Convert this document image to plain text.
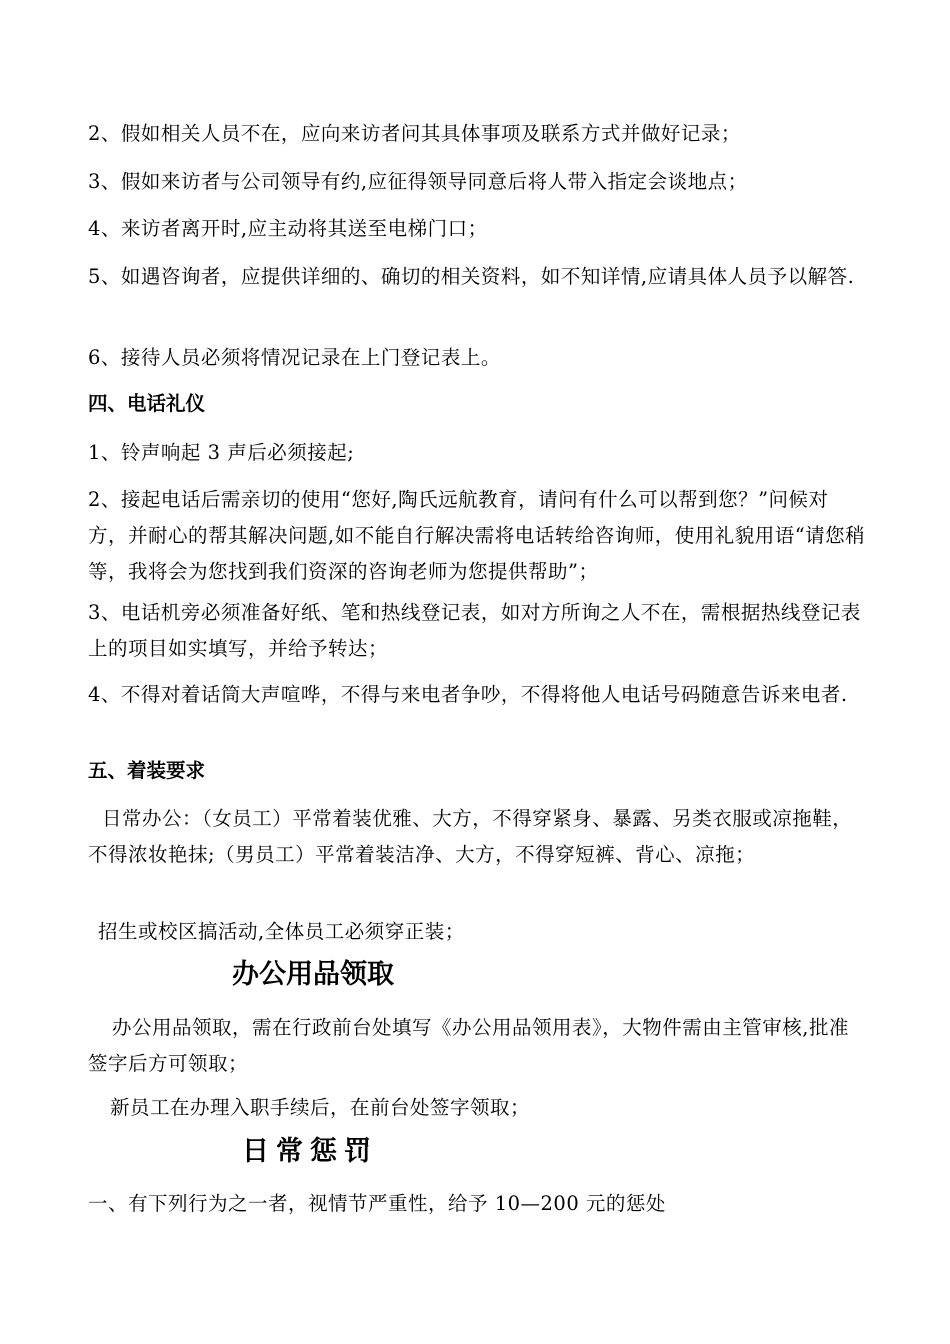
2、假如相关人员不在，应向来访者问其具体事项及联系方式并做好记录；
3、假如来访者与公司领导有约,应征得领导同意后将人带入指定会谈地点；
4、来访者离开时,应主动将其送至电梯门口；
5、如遇咨询者，应提供详细的、确切的相关资料，如不知详情,应请具体人员予以解答.
6、接待人员必须将情况记录在上门登记表上。
四、电话礼仪
1、铃声响起 3 声后必须接起;
2、接起电话后需亲切的使用“您好,陶氏远航教育，请问有什么可以帮到您？”问候对方，并耐心的帮其解决问题,如不能自行解决需将电话转给咨询师，使用礼貌用语“请您稍等，我将会为您找到我们资深的咨询老师为您提供帮助”；
3、电话机旁必须准备好纸、笔和热线登记表，如对方所询之人不在，需根据热线登记表上的项目如实填写，并给予转达；
4、不得对着话筒大声喧哗，不得与来电者争吵，不得将他人电话号码随意告诉来电者.
五、着装要求
日常办公：（女员工）平常着装优雅、大方，不得穿紧身、暴露、另类衣服或凉拖鞋，不得浓妆艳抹;（男员工）平常着装洁净、大方，不得穿短裤、背心、凉拖；
招生或校区搞活动,全体员工必须穿正装；
办公用品领取
办公用品领取，需在行政前台处填写《办公用品领用表》，大物件需由主管审核,批准签字后方可领取；
新员工在办理入职手续后，在前台处签字领取；
日常惩罚
一、有下列行为之一者，视情节严重性，给予 10—200 元的惩处
